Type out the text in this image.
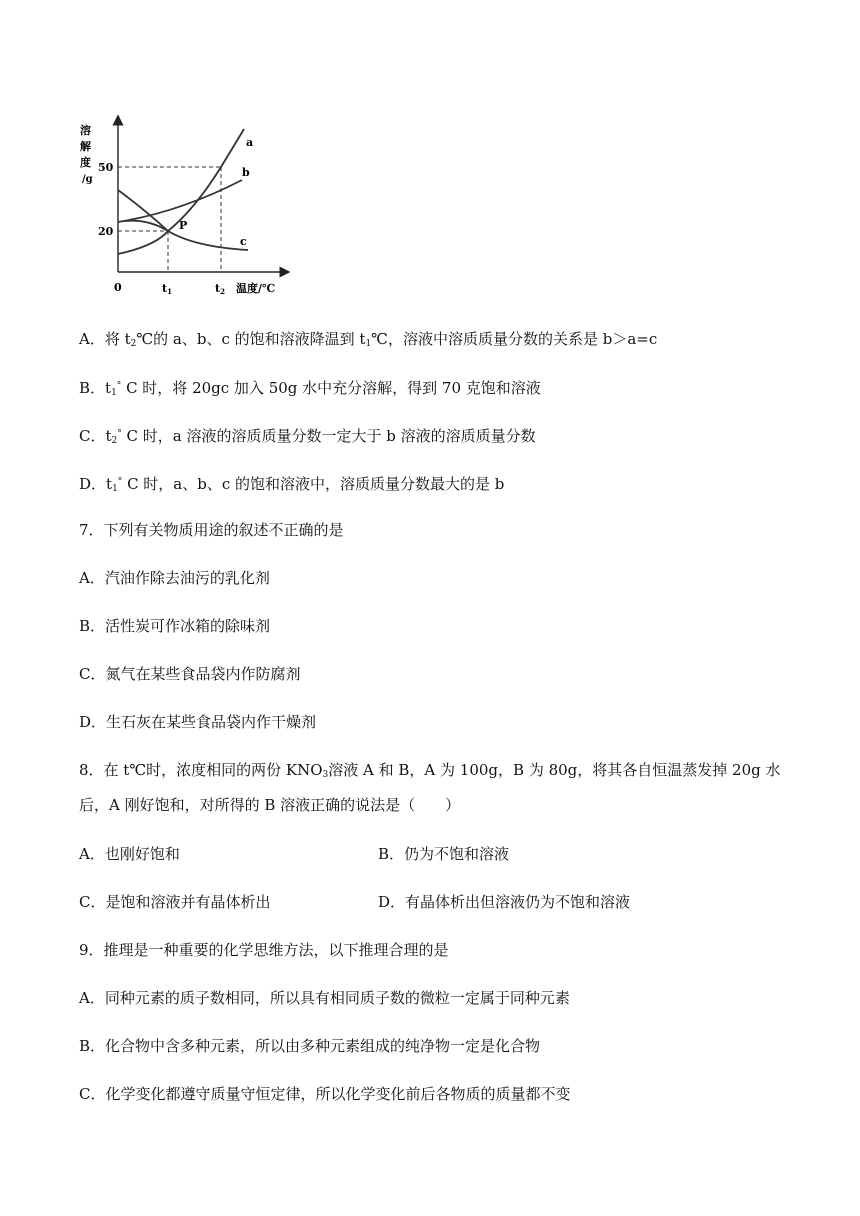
溶
解
度
/g
50
20
0	t1	t2 温度/℃
a
b
c
P
A．将 $t_2℃$的 a、b、c 的饱和溶液降温到 $t_1℃$，溶液中溶质质量分数的关系是 b＞a=c
B．$t_1^\circ$ C 时，将 20gc 加入 50g 水中充分溶解，得到 70 克饱和溶液
C．$t_2^\circ$ C 时，a 溶液的溶质质量分数一定大于 b 溶液的溶质质量分数
D．$t_1^\circ$ C 时，a、b、c 的饱和溶液中，溶质质量分数最大的是 b
7．下列有关物质用途的叙述不正确的是
A．汽油作除去油污的乳化剂
B．活性炭可作冰箱的除味剂
C．氮气在某些食品袋内作防腐剂
D．生石灰在某些食品袋内作干燥剂
8．在 t℃时，浓度相同的两份 $KNO_3$溶液 A 和 B，A 为 100g，B 为 80g，将其各自恒温蒸发掉 20g 水后，A 刚好饱和，对所得的 B 溶液正确的说法是（　　）
A．也刚好饱和	B．仍为不饱和溶液
C．是饱和溶液并有晶体析出	D．有晶体析出但溶液仍为不饱和溶液
9．推理是一种重要的化学思维方法，以下推理合理的是
A．同种元素的质子数相同，所以具有相同质子数的微粒一定属于同种元素
B．化合物中含多种元素，所以由多种元素组成的纯净物一定是化合物
C．化学变化都遵守质量守恒定律，所以化学变化前后各物质的质量都不变
